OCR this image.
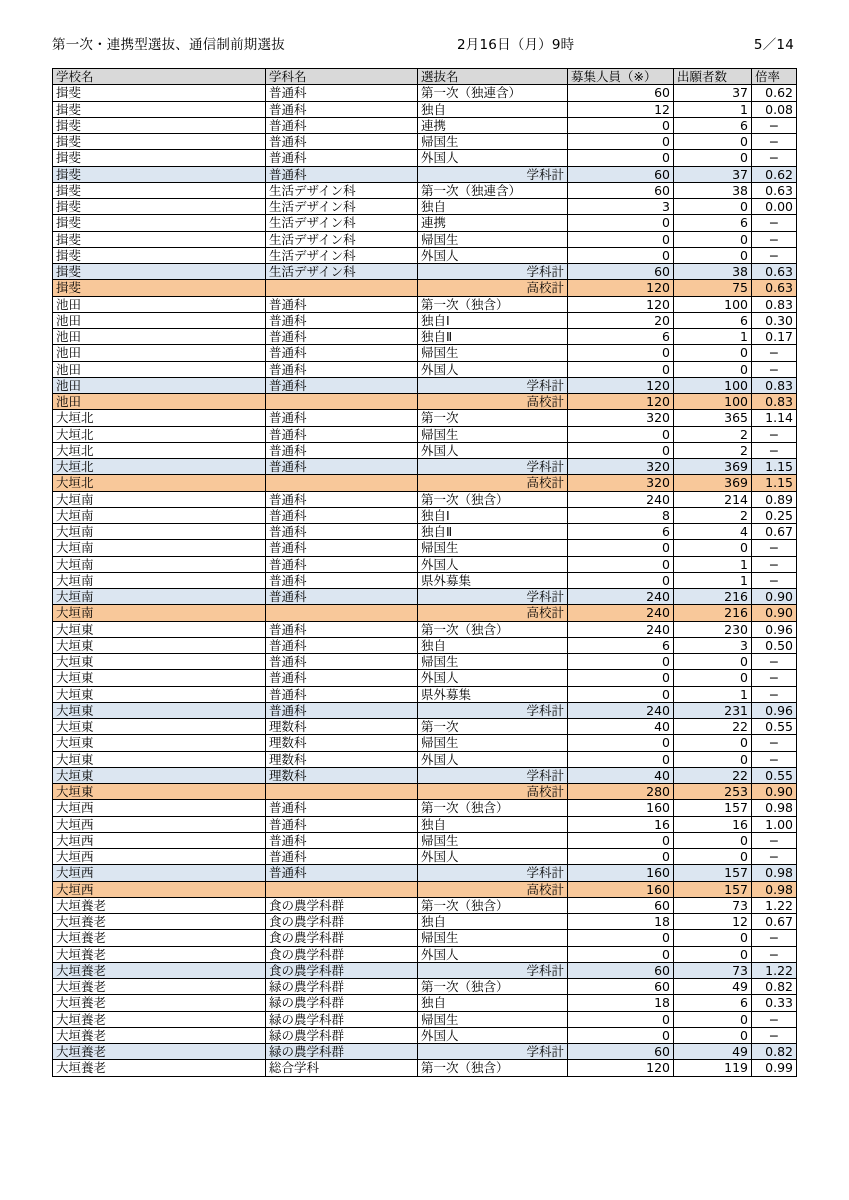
第一次・連携型選抜、通信制前期選抜	2月16日（月）9時	5／14
学校名	学科名	選抜名	募集人員（※）	出願者数	倍率
揖斐	普通科	第一次（独連含）	60	37	0.62
揖斐	普通科	独自	12	1	0.08
揖斐	普通科	連携	0	6	−
揖斐	普通科	帰国生	0	0	−
揖斐	普通科	外国人	0	0	−
揖斐	普通科	学科計	60	37	0.62
揖斐	生活デザイン科	第一次（独連含）	60	38	0.63
揖斐	生活デザイン科	独自	3	0	0.00
揖斐	生活デザイン科	連携	0	6	−
揖斐	生活デザイン科	帰国生	0	0	−
揖斐	生活デザイン科	外国人	0	0	−
揖斐	生活デザイン科	学科計	60	38	0.63
揖斐		高校計	120	75	0.63
池田	普通科	第一次（独含）	120	100	0.83
池田	普通科	独自Ⅰ	20	6	0.30
池田	普通科	独自Ⅱ	6	1	0.17
池田	普通科	帰国生	0	0	−
池田	普通科	外国人	0	0	−
池田	普通科	学科計	120	100	0.83
池田		高校計	120	100	0.83
大垣北	普通科	第一次	320	365	1.14
大垣北	普通科	帰国生	0	2	−
大垣北	普通科	外国人	0	2	−
大垣北	普通科	学科計	320	369	1.15
大垣北		高校計	320	369	1.15
大垣南	普通科	第一次（独含）	240	214	0.89
大垣南	普通科	独自Ⅰ	8	2	0.25
大垣南	普通科	独自Ⅱ	6	4	0.67
大垣南	普通科	帰国生	0	0	−
大垣南	普通科	外国人	0	1	−
大垣南	普通科	県外募集	0	1	−
大垣南	普通科	学科計	240	216	0.90
大垣南		高校計	240	216	0.90
大垣東	普通科	第一次（独含）	240	230	0.96
大垣東	普通科	独自	6	3	0.50
大垣東	普通科	帰国生	0	0	−
大垣東	普通科	外国人	0	0	−
大垣東	普通科	県外募集	0	1	−
大垣東	普通科	学科計	240	231	0.96
大垣東	理数科	第一次	40	22	0.55
大垣東	理数科	帰国生	0	0	−
大垣東	理数科	外国人	0	0	−
大垣東	理数科	学科計	40	22	0.55
大垣東		高校計	280	253	0.90
大垣西	普通科	第一次（独含）	160	157	0.98
大垣西	普通科	独自	16	16	1.00
大垣西	普通科	帰国生	0	0	−
大垣西	普通科	外国人	0	0	−
大垣西	普通科	学科計	160	157	0.98
大垣西		高校計	160	157	0.98
大垣養老	食の農学科群	第一次（独含）	60	73	1.22
大垣養老	食の農学科群	独自	18	12	0.67
大垣養老	食の農学科群	帰国生	0	0	−
大垣養老	食の農学科群	外国人	0	0	−
大垣養老	食の農学科群	学科計	60	73	1.22
大垣養老	緑の農学科群	第一次（独含）	60	49	0.82
大垣養老	緑の農学科群	独自	18	6	0.33
大垣養老	緑の農学科群	帰国生	0	0	−
大垣養老	緑の農学科群	外国人	0	0	−
大垣養老	緑の農学科群	学科計	60	49	0.82
大垣養老	総合学科	第一次（独含）	120	119	0.99
